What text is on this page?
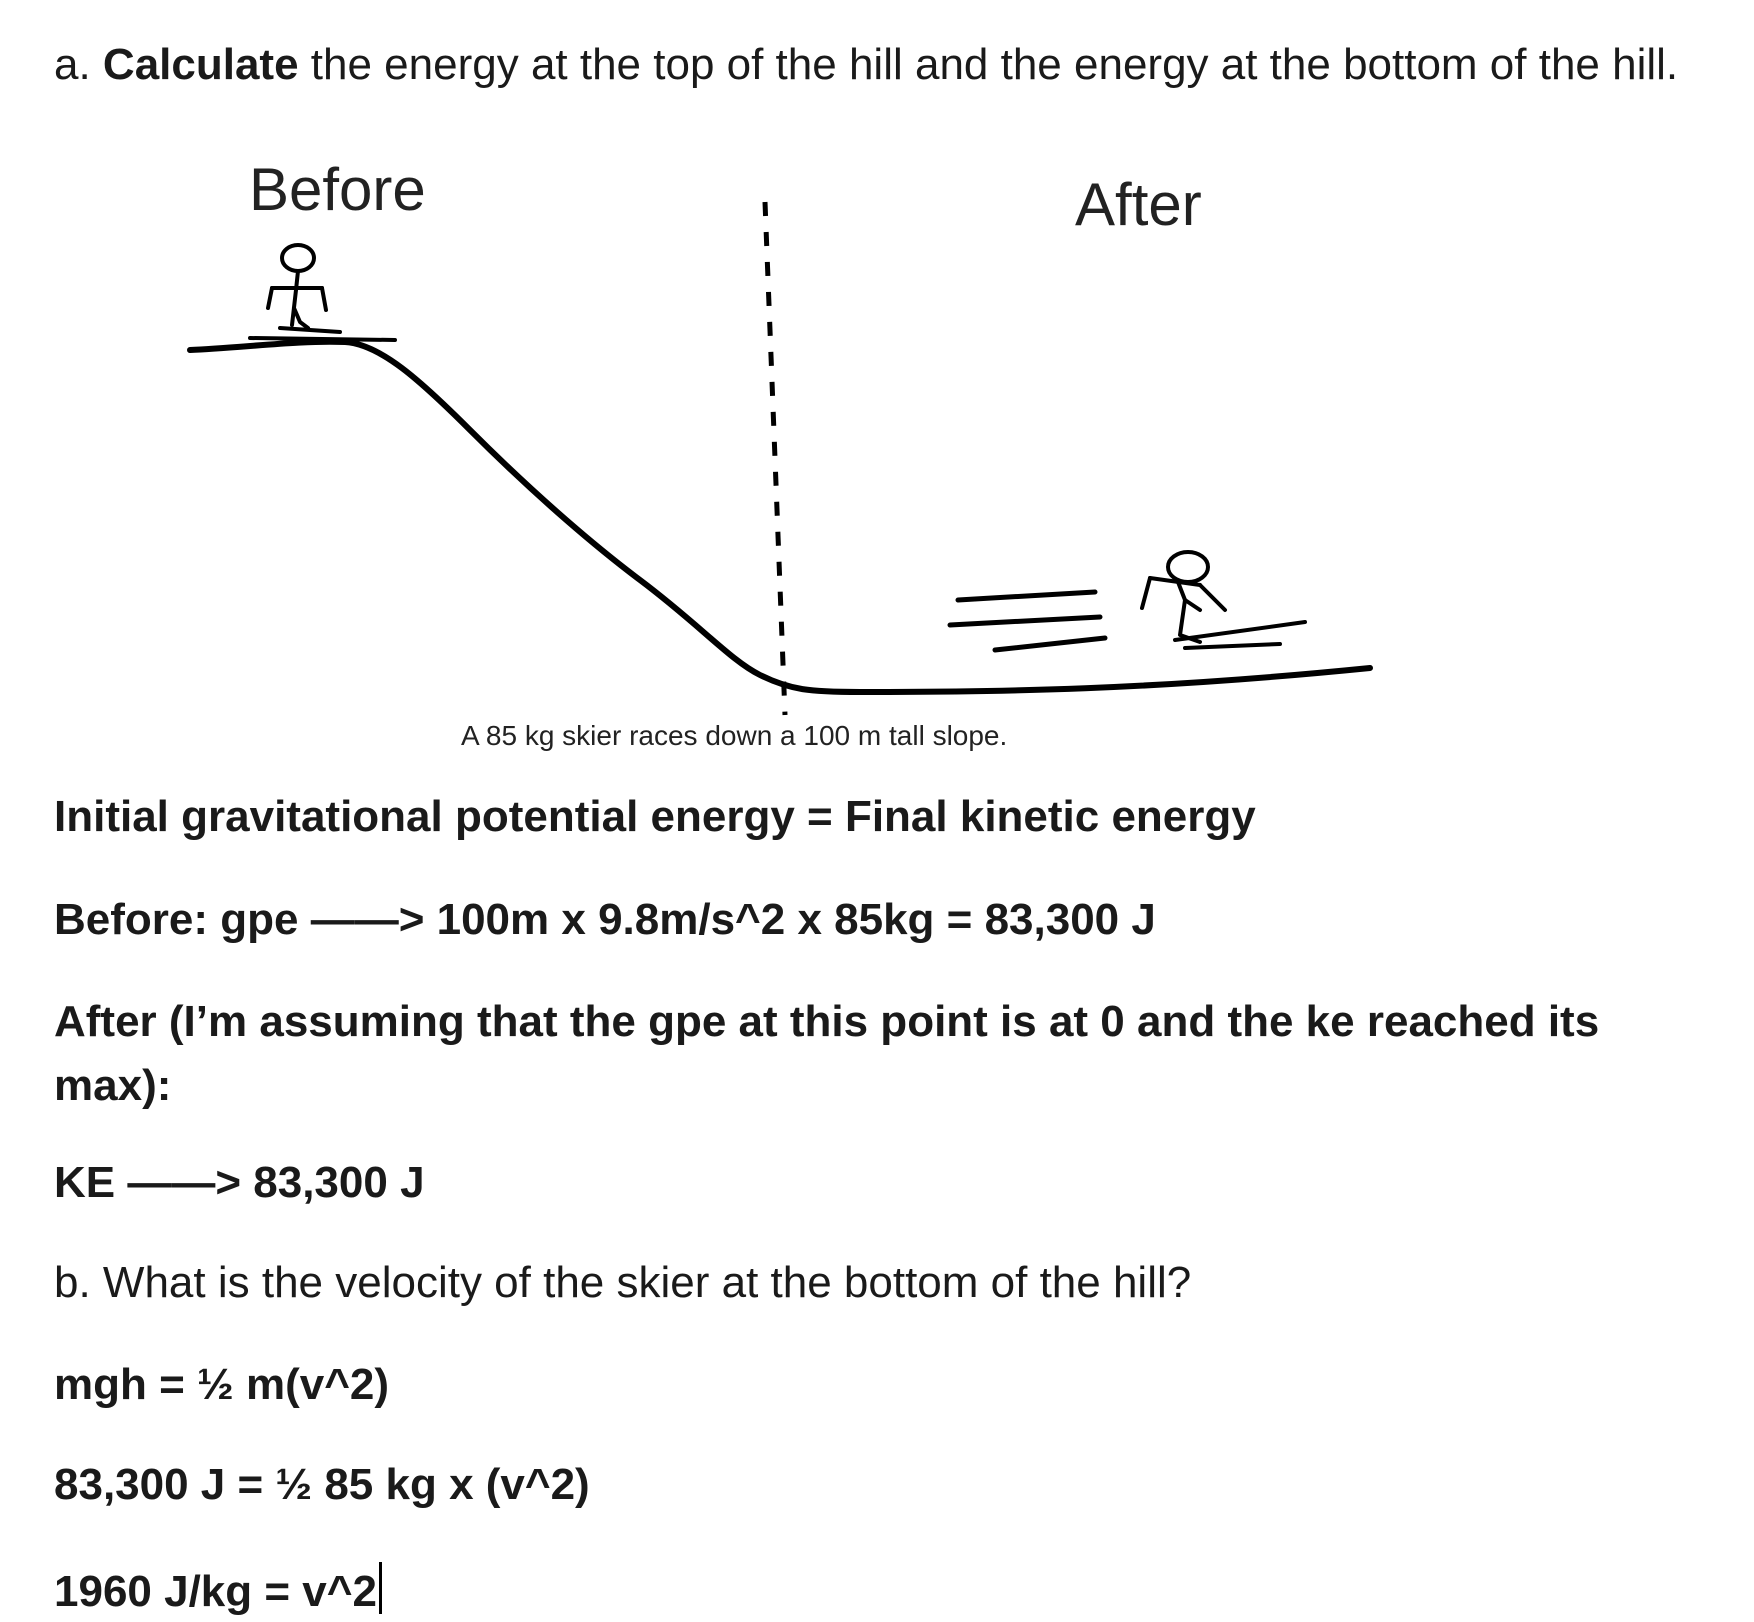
a. Calculate the energy at the top of the hill and the energy at the bottom of the hill.

Before	After
A 85 kg skier races down a 100 m tall slope.

Initial gravitational potential energy = Final kinetic energy

Before: gpe ——> 100m x 9.8m/s^2 x 85kg = 83,300 J

After (I’m assuming that the gpe at this point is at 0 and the ke reached its max):

KE ——> 83,300 J

b. What is the velocity of the skier at the bottom of the hill?

mgh = ½ m(v^2)

83,300 J = ½ 85 kg x (v^2)

1960 J/kg = v^2
